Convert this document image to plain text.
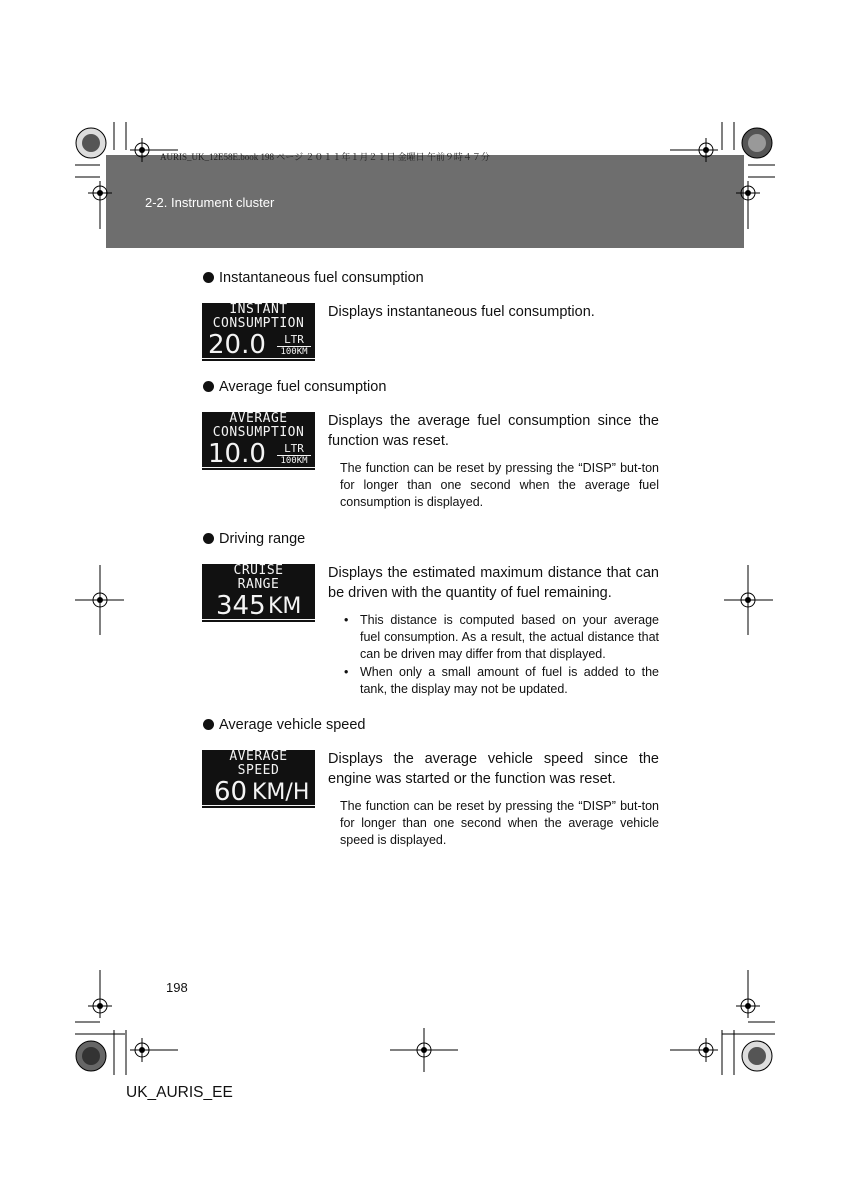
AURIS_UK_12E58E.book 198 ページ ２０１１年１月２１日 金曜日 午前９時４７分
2-2. Instrument cluster
Instantaneous fuel consumption
INSTANT
CONSUMPTION
20.0	LTR
100KM
Displays instantaneous fuel consumption.
Average fuel consumption
AVERAGE
CONSUMPTION
10.0	LTR
100KM
Displays the average fuel consumption since the function was reset.
The function can be reset by pressing the “DISP” but-ton for longer than one second when the average fuel consumption is displayed.
Driving range
CRUISE
RANGE
345 KM
Displays the estimated maximum distance that can be driven with the quantity of fuel remaining.
• This distance is computed based on your average fuel consumption. As a result, the actual distance that can be driven may differ from that displayed.
• When only a small amount of fuel is added to the tank, the display may not be updated.
Average vehicle speed
AVERAGE
SPEED
60 KM/H
Displays the average vehicle speed since the engine was started or the function was reset.
The function can be reset by pressing the “DISP” but-ton for longer than one second when the average vehicle speed is displayed.
198
UK_AURIS_EE
